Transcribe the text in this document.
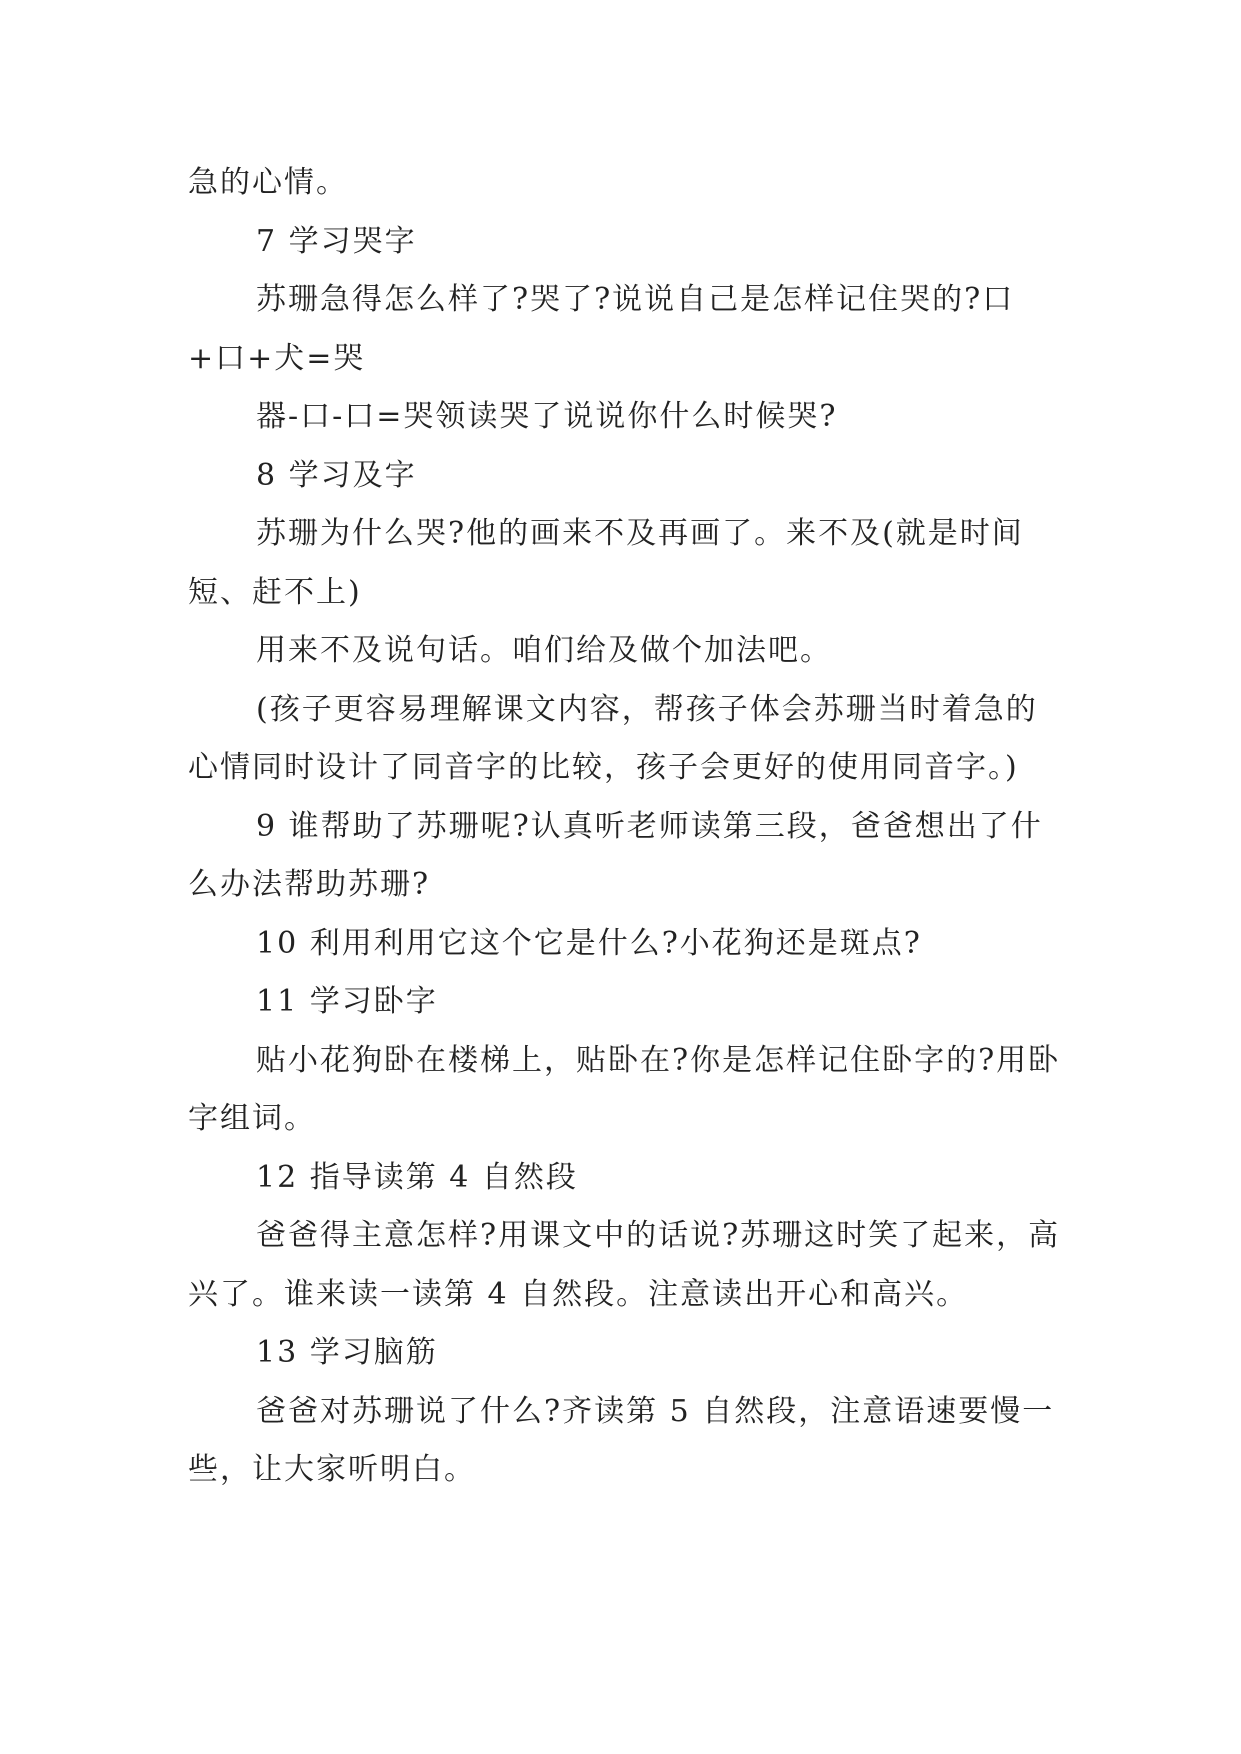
急的心情。

7 学习哭字

苏珊急得怎么样了?哭了?说说自己是怎样记住哭的?口+口+犬=哭

器-口-口=哭领读哭了说说你什么时候哭?

8 学习及字

苏珊为什么哭?他的画来不及再画了。来不及(就是时间短、赶不上)

用来不及说句话。咱们给及做个加法吧。

(孩子更容易理解课文内容，帮孩子体会苏珊当时着急的心情同时设计了同音字的比较，孩子会更好的使用同音字。)

9 谁帮助了苏珊呢?认真听老师读第三段，爸爸想出了什么办法帮助苏珊?

10 利用利用它这个它是什么?小花狗还是斑点?

11 学习卧字

贴小花狗卧在楼梯上，贴卧在?你是怎样记住卧字的?用卧字组词。

12 指导读第 4 自然段

爸爸得主意怎样?用课文中的话说?苏珊这时笑了起来，高兴了。谁来读一读第 4 自然段。注意读出开心和高兴。

13 学习脑筋

爸爸对苏珊说了什么?齐读第 5 自然段，注意语速要慢一些，让大家听明白。
